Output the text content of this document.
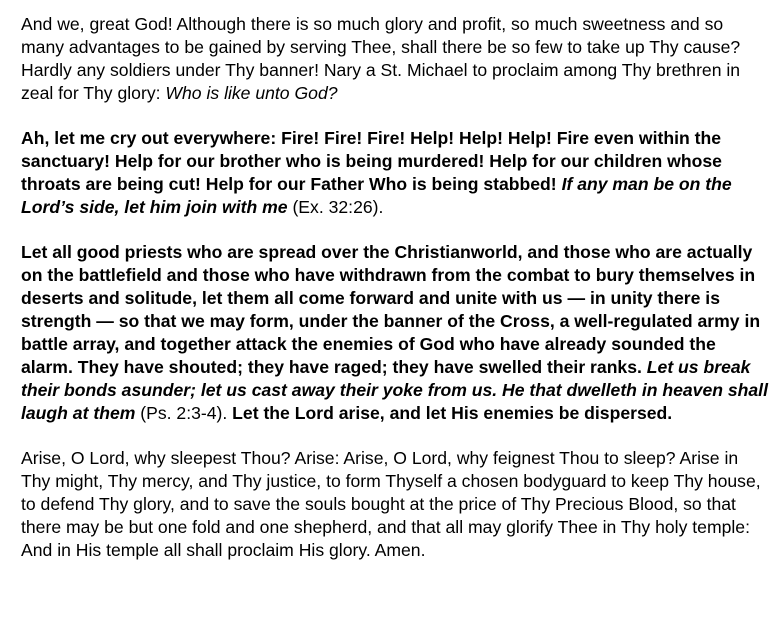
And we, great God! Although there is so much glory and profit, so much sweetness and so many advantages to be gained by serving Thee, shall there be so few to take up Thy cause? Hardly any soldiers under Thy banner! Nary a St. Michael to proclaim among Thy brethren in zeal for Thy glory: Who is like unto God?

Ah, let me cry out everywhere: Fire! Fire! Fire! Help! Help! Help! Fire even within the sanctuary! Help for our brother who is being murdered! Help for our children whose throats are being cut! Help for our Father Who is being stabbed! If any man be on the Lord’s side, let him join with me (Ex. 32:26).

Let all good priests who are spread over the Christianworld, and those who are actually on the battlefield and those who have withdrawn from the combat to bury themselves in deserts and solitude, let them all come forward and unite with us — in unity there is strength — so that we may form, under the banner of the Cross, a well-regulated army in battle array, and together attack the enemies of God who have already sounded the alarm. They have shouted; they have raged; they have swelled their ranks. Let us break their bonds asunder; let us cast away their yoke from us. He that dwelleth in heaven shall laugh at them (Ps. 2:3-4). Let the Lord arise, and let His enemies be dispersed.

Arise, O Lord, why sleepest Thou? Arise: Arise, O Lord, why feignest Thou to sleep? Arise in Thy might, Thy mercy, and Thy justice, to form Thyself a chosen bodyguard to keep Thy house, to defend Thy glory, and to save the souls bought at the price of Thy Precious Blood, so that there may be but one fold and one shepherd, and that all may glorify Thee in Thy holy temple: And in His temple all shall proclaim His glory. Amen.
